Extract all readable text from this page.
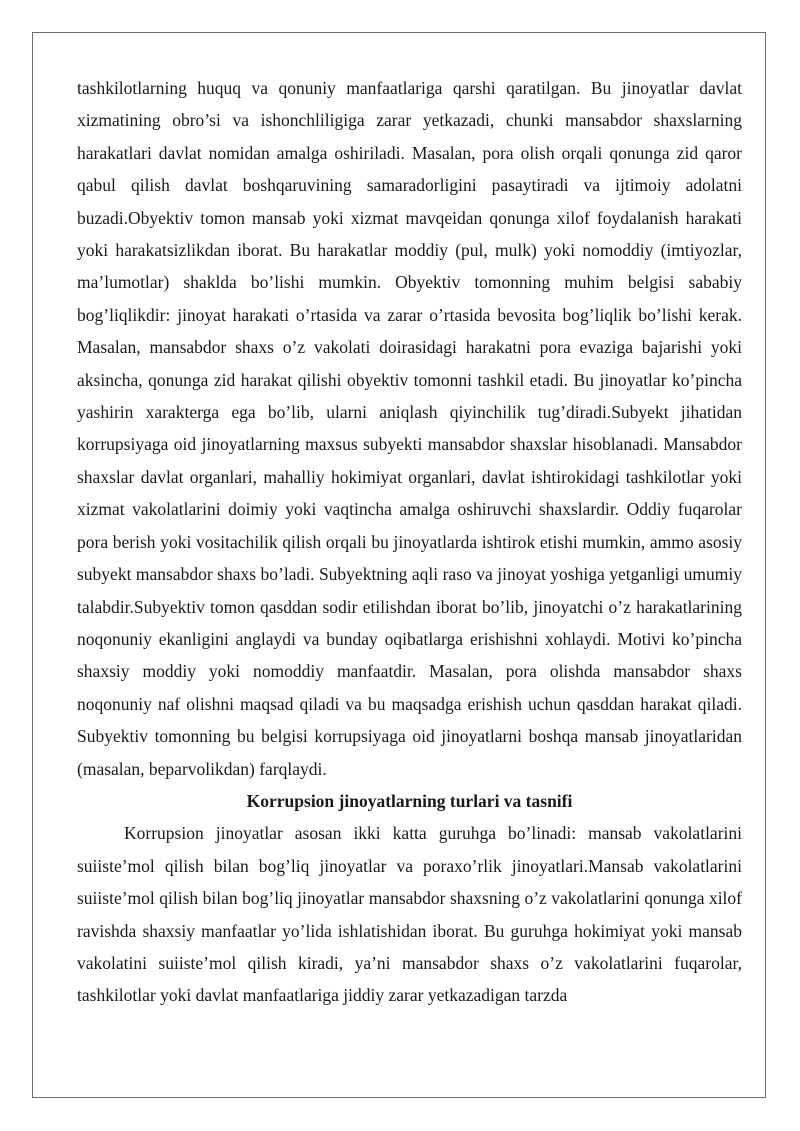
tashkilotlarning huquq va qonuniy manfaatlariga qarshi qaratilgan. Bu jinoyatlar davlat xizmatining obro’si va ishonchliligiga zarar yetkazadi, chunki mansabdor shaxslarning harakatlari davlat nomidan amalga oshiriladi. Masalan, pora olish orqali qonunga zid qaror qabul qilish davlat boshqaruvining samaradorligini pasaytiradi va ijtimoiy adolatni buzadi.Obyektiv tomon mansab yoki xizmat mavqeidan qonunga xilof foydalanish harakati yoki harakatsizlikdan iborat. Bu harakatlar moddiy (pul, mulk) yoki nomoddiy (imtiyozlar, ma’lumotlar) shaklda bo’lishi mumkin. Obyektiv tomonning muhim belgisi sababiy bog’liqlikdir: jinoyat harakati o’rtasida va zarar o’rtasida bevosita bog’liqlik bo’lishi kerak. Masalan, mansabdor shaxs o’z vakolati doirasidagi harakatni pora evaziga bajarishi yoki aksincha, qonunga zid harakat qilishi obyektiv tomonni tashkil etadi. Bu jinoyatlar ko’pincha yashirin xarakterga ega bo’lib, ularni aniqlash qiyinchilik tug’diradi.Subyekt jihatidan korrupsiyaga oid jinoyatlarning maxsus subyekti mansabdor shaxslar hisoblanadi. Mansabdor shaxslar davlat organlari, mahalliy hokimiyat organlari, davlat ishtirokidagi tashkilotlar yoki xizmat vakolatlarini doimiy yoki vaqtincha amalga oshiruvchi shaxslardir. Oddiy fuqarolar pora berish yoki vositachilik qilish orqali bu jinoyatlarda ishtirok etishi mumkin, ammo asosiy subyekt mansabdor shaxs bo’ladi. Subyektning aqli raso va jinoyat yoshiga yetganligi umumiy talabdir.Subyektiv tomon qasddan sodir etilishdan iborat bo’lib, jinoyatchi o’z harakatlarining noqonuniy ekanligini anglaydi va bunday oqibatlarga erishishni xohlaydi. Motivi ko’pincha shaxsiy moddiy yoki nomoddiy manfaatdir. Masalan, pora olishda mansabdor shaxs noqonuniy naf olishni maqsad qiladi va bu maqsadga erishish uchun qasddan harakat qiladi. Subyektiv tomonning bu belgisi korrupsiyaga oid jinoyatlarni boshqa mansab jinoyatlaridan (masalan, beparvolikdan) farqlaydi.

Korrupsion jinoyatlarning turlari va tasnifi

Korrupsion jinoyatlar asosan ikki katta guruhga bo’linadi: mansab vakolatlarini suiiste’mol qilish bilan bog’liq jinoyatlar va poraxo’rlik jinoyatlari.Mansab vakolatlarini suiiste’mol qilish bilan bog’liq jinoyatlar mansabdor shaxsning o’z vakolatlarini qonunga xilof ravishda shaxsiy manfaatlar yo’lida ishlatishidan iborat. Bu guruhga hokimiyat yoki mansab vakolatini suiiste’mol qilish kiradi, ya’ni mansabdor shaxs o’z vakolatlarini fuqarolar, tashkilotlar yoki davlat manfaatlariga jiddiy zarar yetkazadigan tarzda
